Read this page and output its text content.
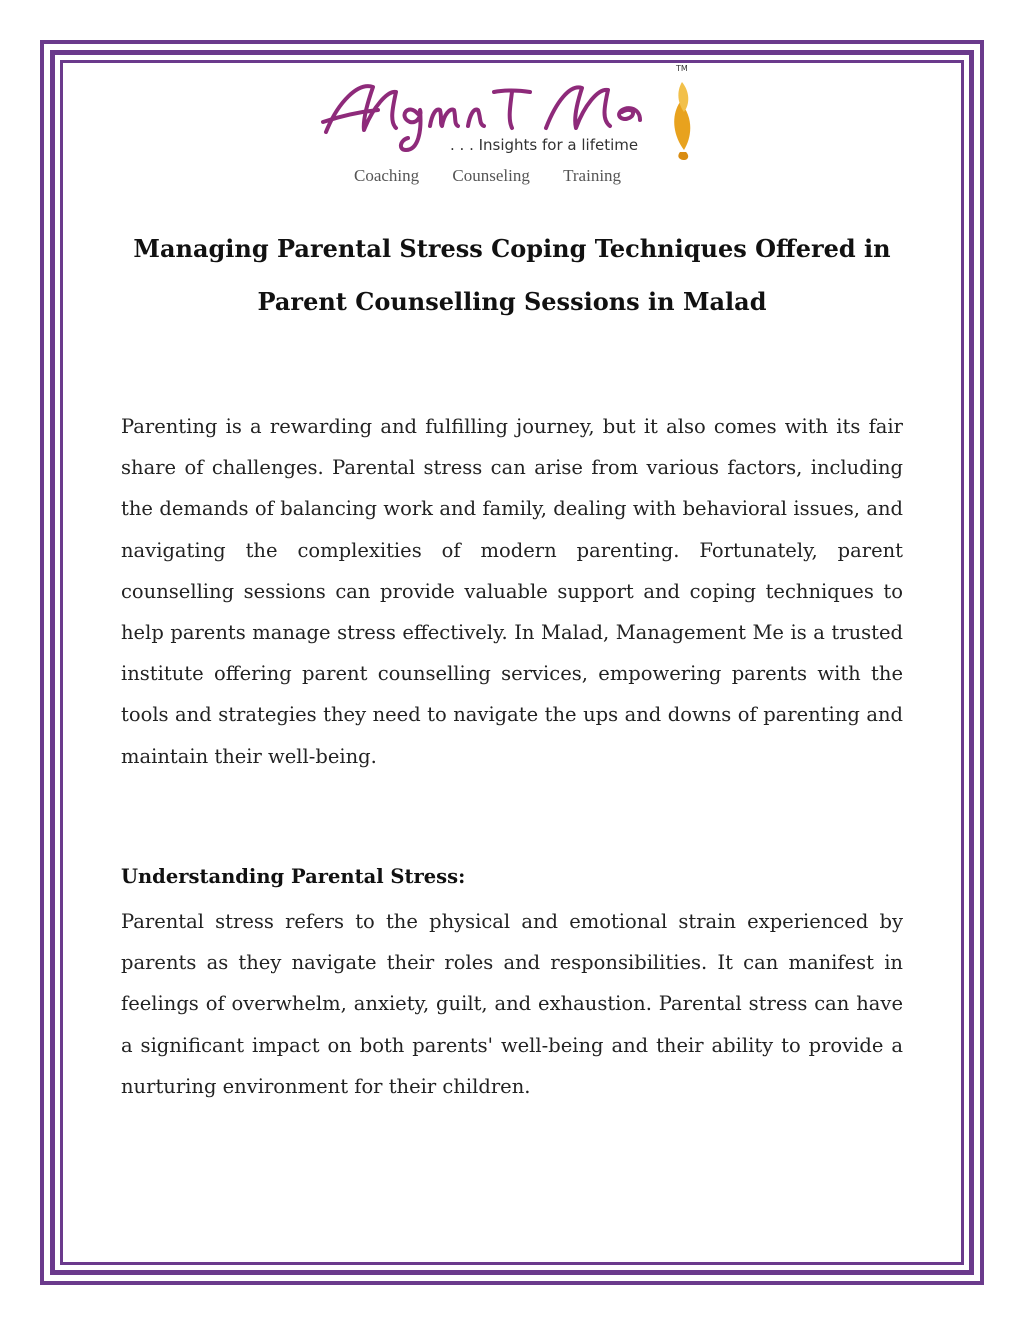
TM
. . . Insights for a lifetime
Coaching Counseling Training
Managing Parental Stress Coping Techniques Offered in Parent Counselling Sessions in Malad

Parenting is a rewarding and fulfilling journey, but it also comes with its fair share of challenges. Parental stress can arise from various factors, including the demands of balancing work and family, dealing with behavioral issues, and navigating the complexities of modern parenting. Fortunately, parent counselling sessions can provide valuable support and coping techniques to help parents manage stress effectively. In Malad, Management Me is a trusted institute offering parent counselling services, empowering parents with the tools and strategies they need to navigate the ups and downs of parenting and maintain their well-being.

Understanding Parental Stress:

Parental stress refers to the physical and emotional strain experienced by parents as they navigate their roles and responsibilities. It can manifest in feelings of overwhelm, anxiety, guilt, and exhaustion. Parental stress can have a significant impact on both parents' well-being and their ability to provide a nurturing environment for their children.
